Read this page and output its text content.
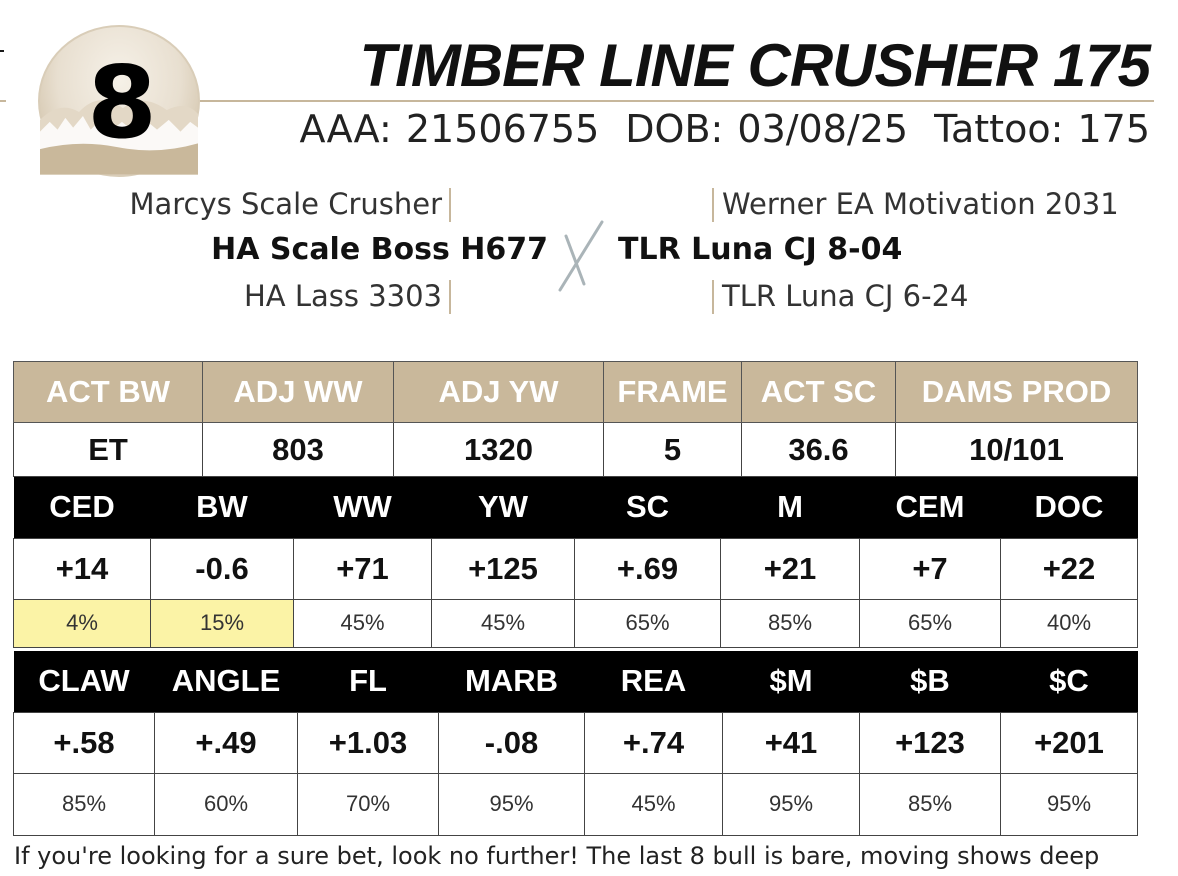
8	TIMBER LINE CRUSHER 175
AAA: 21506755 DOB: 03/08/25 Tattoo: 175
Marcys Scale Crusher
HA Scale Boss H677
HA Lass 3303
Werner EA Motivation 2031
TLR Luna CJ 8-04
TLR Luna CJ 6-24
ACT BW	ADJ WW	ADJ YW	FRAME	ACT SC	DAMS PROD
ET	803	1320	5	36.6	10/101
CED	BW	WW	YW	SC	M	CEM	DOC
+14	-0.6	+71	+125	+.69	+21	+7	+22
4%	15%	45%	45%	65%	85%	65%	40%
CLAW	ANGLE	FL	MARB	REA	$M	$B	$C
+.58	+.49	+1.03	-.08	+.74	+41	+123	+201
85%	60%	70%	95%	45%	95%	85%	95%
If you're looking for a sure bet, look no further! The last 8 bull is bare, moving shows deep
